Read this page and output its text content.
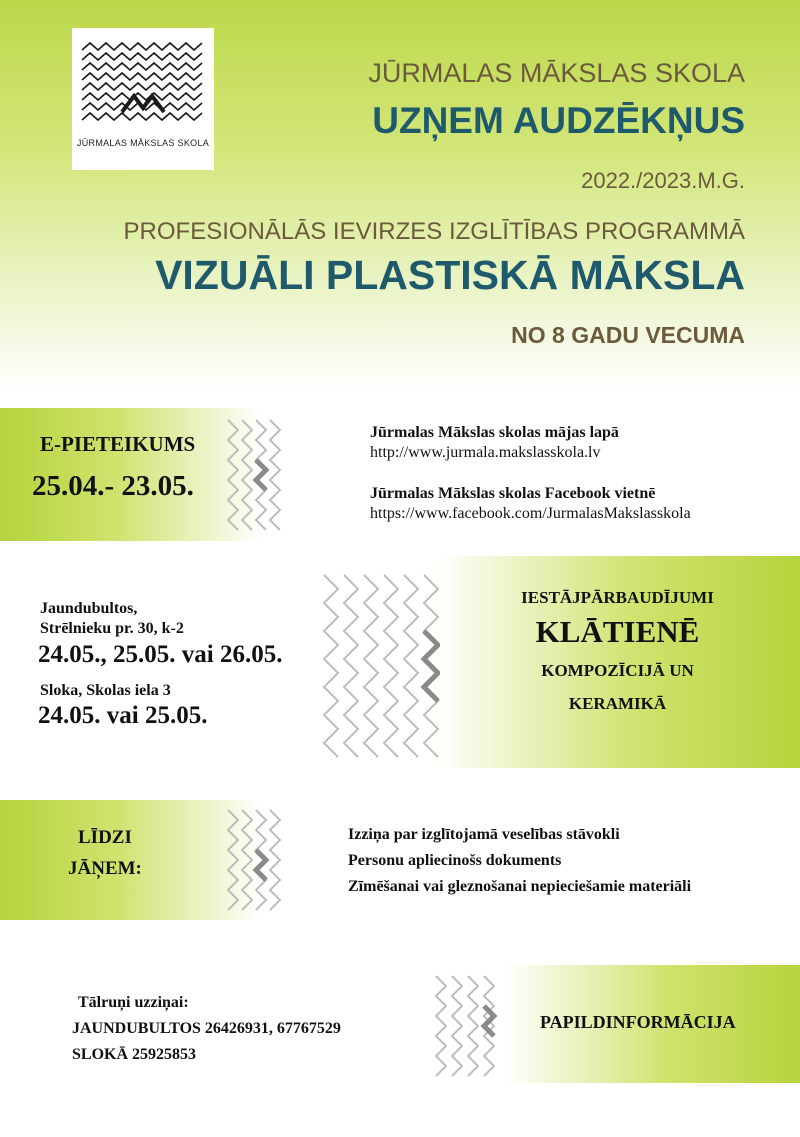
JŪRMALAS MĀKSLAS SKOLA
JŪRMALAS MĀKSLAS SKOLA
UZŅEM AUDZĒKŅUS
2022./2023.M.G.
PROFESIONĀLĀS IEVIRZES IZGLĪTĪBAS PROGRAMMĀ
VIZUĀLI PLASTISKĀ MĀKSLA
NO 8 GADU VECUMA
E-PIETEIKUMS
25.04.- 23.05.
Jūrmalas Mākslas skolas mājas lapā
http://www.jurmala.makslasskola.lv
Jūrmalas Mākslas skolas Facebook vietnē
https://www.facebook.com/JurmalasMakslasskola
Jaundubultos,
Strēlnieku pr. 30, k-2
24.05., 25.05. vai 26.05.
Sloka, Skolas iela 3
24.05. vai 25.05.
IESTĀJPĀRBAUDĪJUMI
KLĀTIENĒ
KOMPOZĪCIJĀ UN
KERAMIKĀ
LĪDZI
JĀŅEM:
Izziņa par izglītojamā veselības stāvokli
Personu apliecinošs dokuments
Zīmēšanai vai gleznošanai nepieciešamie materiāli
Tālruņi uzziņai:
JAUNDUBULTOS 26426931, 67767529
SLOKĀ 25925853
PAPILDINFORMĀCIJA
